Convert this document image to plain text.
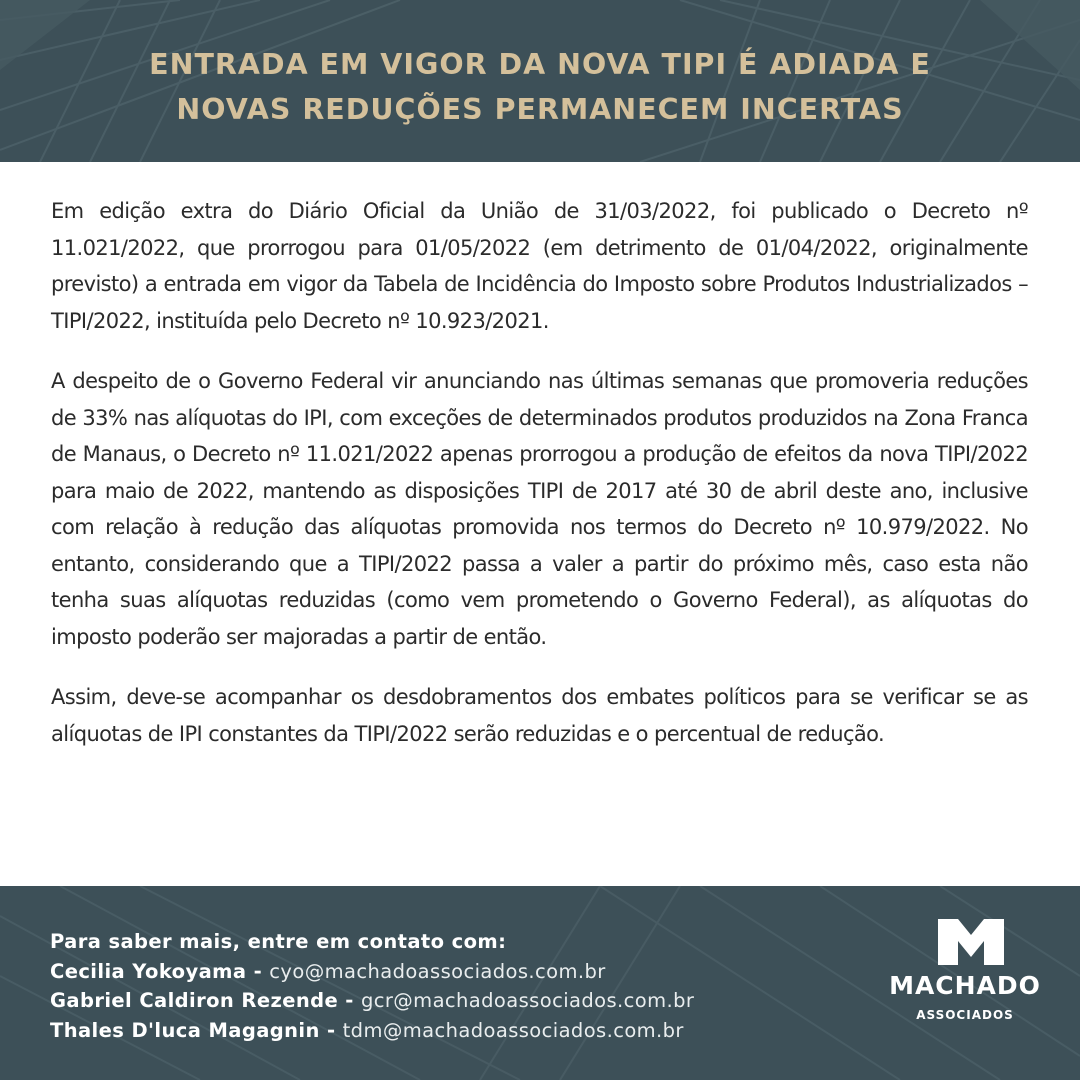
ENTRADA EM VIGOR DA NOVA TIPI É ADIADA E
NOVAS REDUÇÕES PERMANECEM INCERTAS

Em edição extra do Diário Oficial da União de 31/03/2022, foi publicado o Decreto nº 11.021/2022, que prorrogou para 01/05/2022 (em detrimento de 01/04/2022, originalmente previsto) a entrada em vigor da Tabela de Incidência do Imposto sobre Produtos Industrializados – TIPI/2022, instituída pelo Decreto nº 10.923/2021.

A despeito de o Governo Federal vir anunciando nas últimas semanas que promoveria reduções de 33% nas alíquotas do IPI, com exceções de determinados produtos produzidos na Zona Franca de Manaus, o Decreto nº 11.021/2022 apenas prorrogou a produção de efeitos da nova TIPI/2022 para maio de 2022, mantendo as disposições TIPI de 2017 até 30 de abril deste ano, inclusive com relação à redução das alíquotas promovida nos termos do Decreto nº 10.979/2022. No entanto, considerando que a TIPI/2022 passa a valer a partir do próximo mês, caso esta não tenha suas alíquotas reduzidas (como vem prometendo o Governo Federal), as alíquotas do imposto poderão ser majoradas a partir de então.

Assim, deve-se acompanhar os desdobramentos dos embates políticos para se verificar se as alíquotas de IPI constantes da TIPI/2022 serão reduzidas e o percentual de redução.

Para saber mais, entre em contato com:
Cecilia Yokoyama - cyo@machadoassociados.com.br
Gabriel Caldiron Rezende - gcr@machadoassociados.com.br
Thales D'luca Magagnin - tdm@machadoassociados.com.br
MACHADO
ASSOCIADOS
